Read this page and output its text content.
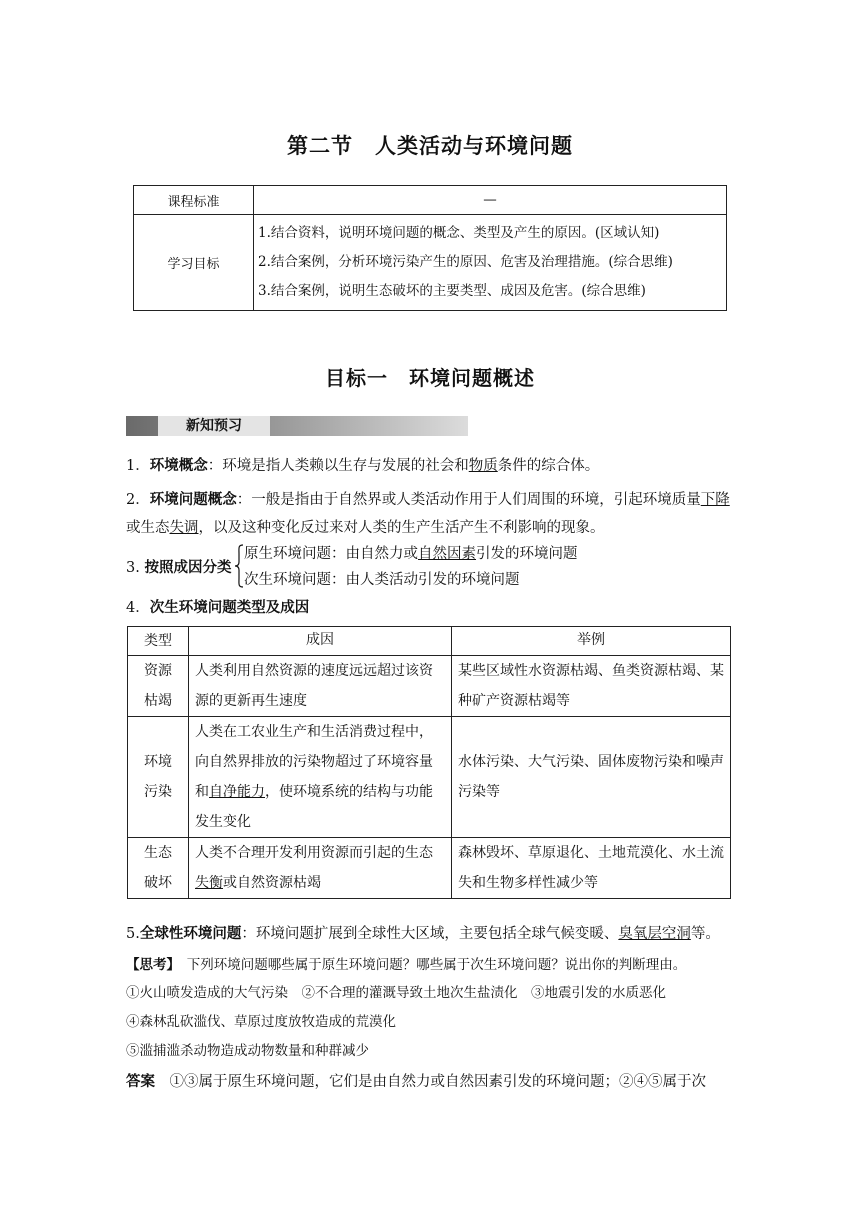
第二节　人类活动与环境问题
课程标准	—
学习目标	1.结合资料，说明环境问题的概念、类型及产生的原因。(区域认知)
2.结合案例，分析环境污染产生的原因、危害及治理措施。(综合思维)
3.结合案例，说明生态破坏的主要类型、成因及危害。(综合思维)
目标一　环境问题概述
新知预习
1．环境概念：环境是指人类赖以生存与发展的社会和物质条件的综合体。
2．环境问题概念：一般是指由于自然界或人类活动作用于人们周围的环境，引起环境质量下降或生态失调，以及这种变化反过来对人类的生产生活产生不利影响的现象。
3. 按照成因分类
原生环境问题：由自然力或自然因素引发的环境问题
次生环境问题：由人类活动引发的环境问题
4．次生环境问题类型及成因
类型	成因	举例

资源
枯竭	人类利用自然资源的速度远远超过该资源的更新再生速度	某些区域性水资源枯竭、鱼类资源枯竭、某种矿产资源枯竭等

环境
污染	人类在工农业生产和生活消费过程中，向自然界排放的污染物超过了环境容量和自净能力，使环境系统的结构与功能发生变化	水体污染、大气污染、固体废物污染和噪声污染等

生态
破坏	人类不合理开发利用资源而引起的生态失衡或自然资源枯竭	森林毁坏、草原退化、土地荒漠化、水土流失和生物多样性减少等
5.全球性环境问题：环境问题扩展到全球性大区域，主要包括全球气候变暖、臭氧层空洞等。
【思考】　下列环境问题哪些属于原生环境问题？哪些属于次生环境问题？说出你的判断理由。
①火山喷发造成的大气污染　②不合理的灌溉导致土地次生盐渍化　③地震引发的水质恶化
④森林乱砍滥伐、草原过度放牧造成的荒漠化
⑤滥捕滥杀动物造成动物数量和种群减少
答案　①③属于原生环境问题，它们是由自然力或自然因素引发的环境问题；②④⑤属于次
